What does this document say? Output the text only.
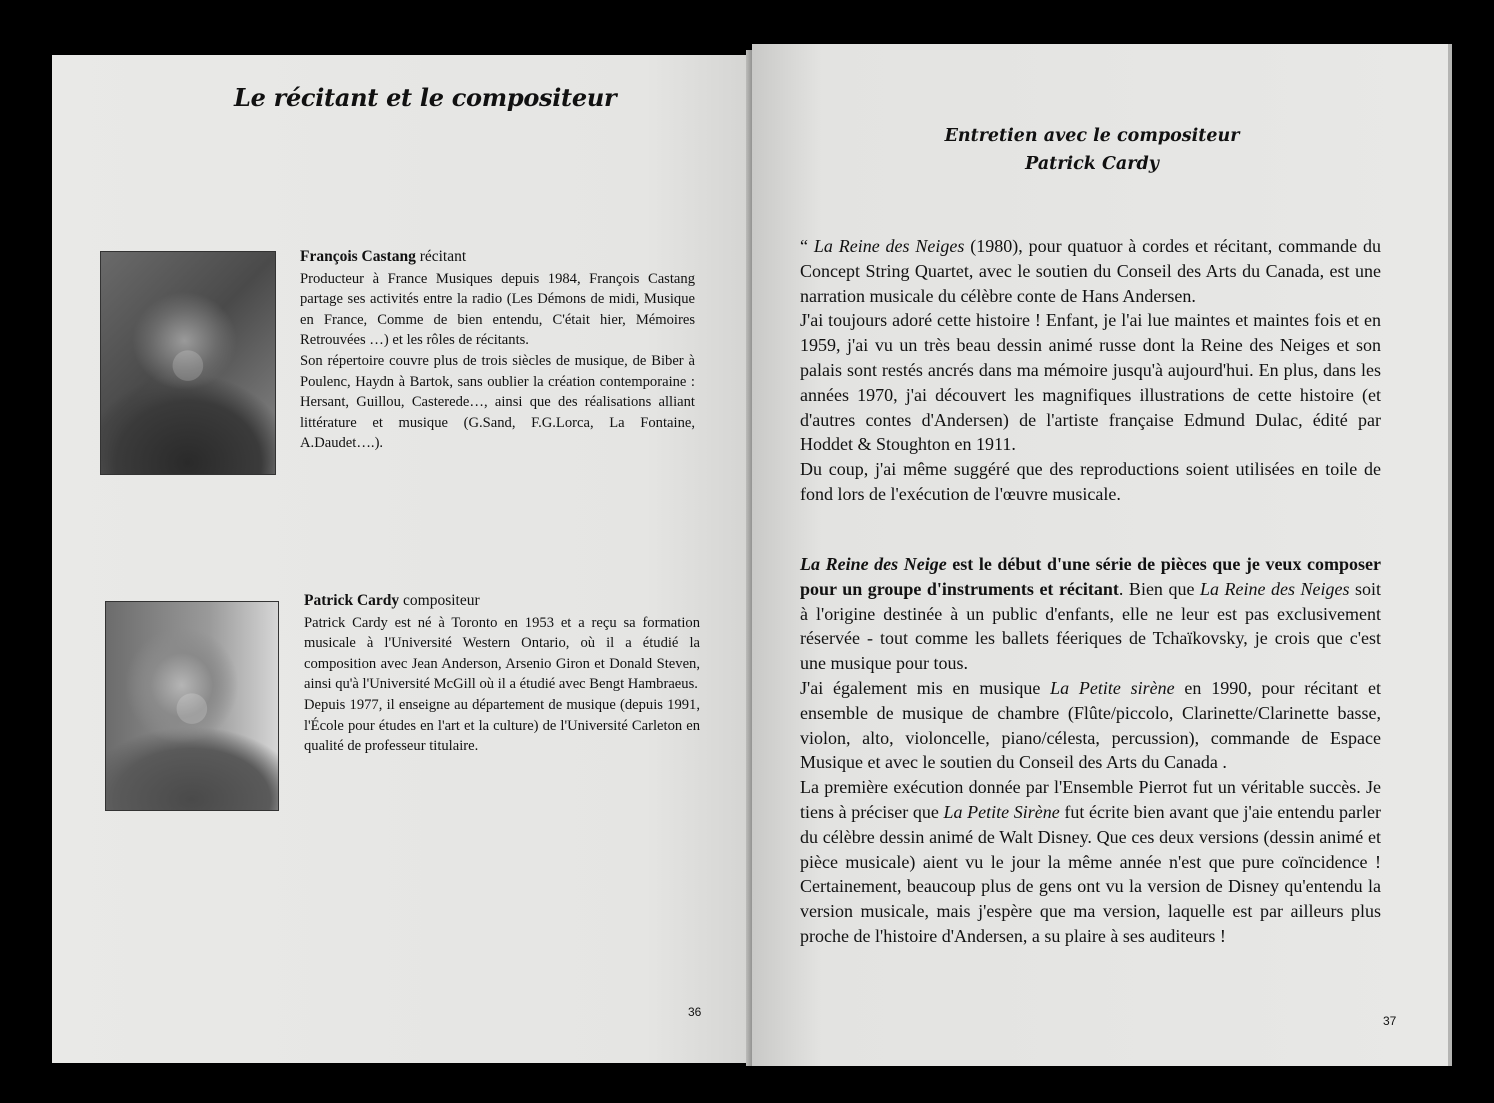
Le récitant et le compositeur
●
François Castang récitant
Producteur à France Musiques depuis 1984, François Castang partage ses activités entre la radio (Les Démons de midi, Musique en France, Comme de bien entendu, C'était hier, Mémoires Retrouvées …) et les rôles de récitants.
Son répertoire couvre plus de trois siècles de musique, de Biber à Poulenc, Haydn à Bartok, sans oublier la création contemporaine : Hersant, Guillou, Casterede…, ainsi que des réalisations alliant littérature et musique (G.Sand, F.G.Lorca, La Fontaine, A.Daudet….).
●
Patrick Cardy compositeur
Patrick Cardy est né à Toronto en 1953 et a reçu sa formation musicale à l'Université Western Ontario, où il a étudié la composition avec Jean Anderson, Arsenio Giron et Donald Steven, ainsi qu'à l'Université McGill où il a étudié avec Bengt Hambraeus.
Depuis 1977, il enseigne au département de musique (depuis 1991, l'École pour études en l'art et la culture) de l'Université Carleton en qualité de professeur titulaire.
36
Entretien avec le compositeur
Patrick Cardy

“ La Reine des Neiges (1980), pour quatuor à cordes et récitant, commande du Concept String Quartet, avec le soutien du Conseil des Arts du Canada, est une narration musicale du célèbre conte de Hans Andersen.

J'ai toujours adoré cette histoire ! Enfant, je l'ai lue maintes et maintes fois et en 1959, j'ai vu un très beau dessin animé russe dont la Reine des Neiges et son palais sont restés ancrés dans ma mémoire jusqu'à aujourd'hui. En plus, dans les années 1970, j'ai découvert les magnifiques illustrations de cette histoire (et d'autres contes d'Andersen) de l'artiste française Edmund Dulac, édité par Hoddet & Stoughton en 1911.

Du coup, j'ai même suggéré que des reproductions soient utilisées en toile de fond lors de l'exécution de l'œuvre musicale.

La Reine des Neige est le début d'une série de pièces que je veux composer pour un groupe d'instruments et récitant. Bien que La Reine des Neiges soit à l'origine destinée à un public d'enfants, elle ne leur est pas exclusivement réservée - tout comme les ballets féeriques de Tchaïkovsky, je crois que c'est une musique pour tous.

J'ai également mis en musique La Petite sirène en 1990, pour récitant et ensemble de musique de chambre (Flûte/piccolo, Clarinette/Clarinette basse, violon, alto, violoncelle, piano/célesta, percussion), commande de Espace Musique et avec le soutien du Conseil des Arts du Canada .

La première exécution donnée par l'Ensemble Pierrot fut un véritable succès. Je tiens à préciser que La Petite Sirène fut écrite bien avant que j'aie entendu parler du célèbre dessin animé de Walt Disney. Que ces deux versions (dessin animé et pièce musicale) aient vu le jour la même année n'est que pure coïncidence ! Certainement, beaucoup plus de gens ont vu la version de Disney qu'entendu la version musicale, mais j'espère que ma version, laquelle est par ailleurs plus proche de l'histoire d'Andersen, a su plaire à ses auditeurs !

37
